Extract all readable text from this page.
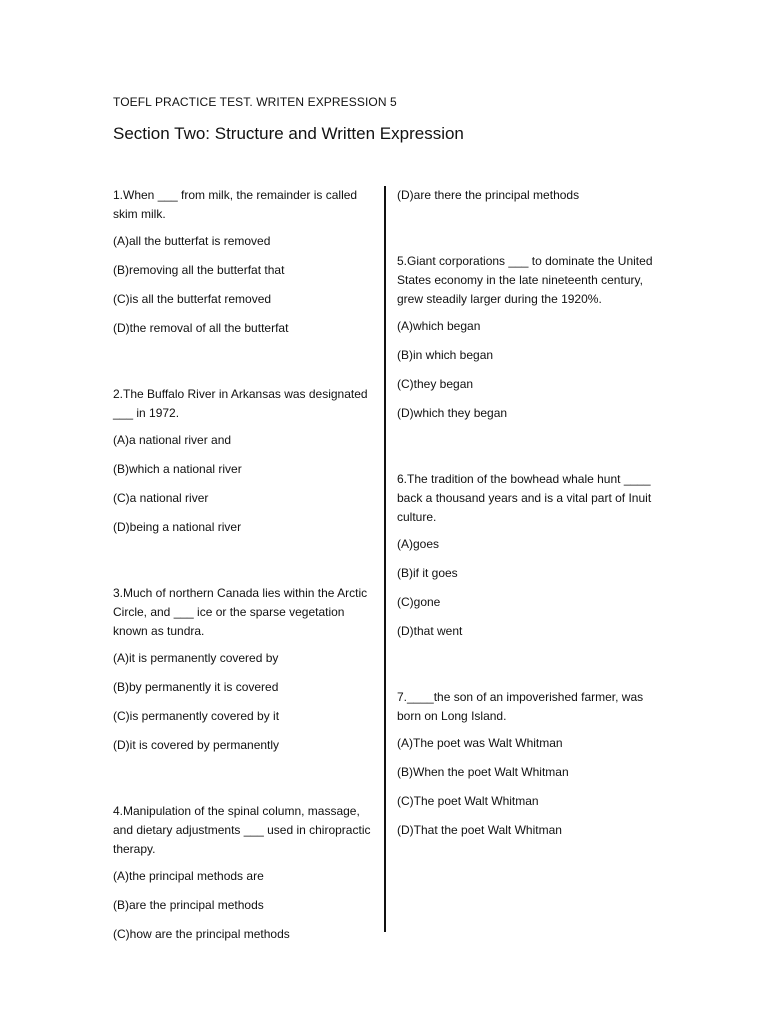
TOEFL PRACTICE TEST. WRITEN EXPRESSION 5
Section Two: Structure and Written Expression
1.When ___ from milk, the remainder is called skim milk.
(A)all the butterfat is removed
(B)removing all the butterfat that
(C)is all the butterfat removed
(D)the removal of all the butterfat
2.The Buffalo River in Arkansas was designated ___ in 1972.
(A)a national river and
(B)which a national river
(C)a national river
(D)being a national river
3.Much of northern Canada lies within the Arctic Circle, and ___ ice or the sparse vegetation known as tundra.
(A)it is permanently covered by
(B)by permanently it is covered
(C)is permanently covered by it
(D)it is covered by permanently
4.Manipulation of the spinal column, massage, and dietary adjustments ___ used in chiropractic therapy.
(A)the principal methods are
(B)are the principal methods
(C)how are the principal methods
(D)are there the principal methods
5.Giant corporations ___ to dominate the United States economy in the late nineteenth century, grew steadily larger during the 1920%.
(A)which began
(B)in which began
(C)they began
(D)which they began
6.The tradition of the bowhead whale hunt ____ back a thousand years and is a vital part of Inuit culture.
(A)goes
(B)if it goes
(C)gone
(D)that went
7.____the son of an impoverished farmer, was born on Long Island.
(A)The poet was Walt Whitman
(B)When the poet Walt Whitman
(C)The poet Walt Whitman
(D)That the poet Walt Whitman
